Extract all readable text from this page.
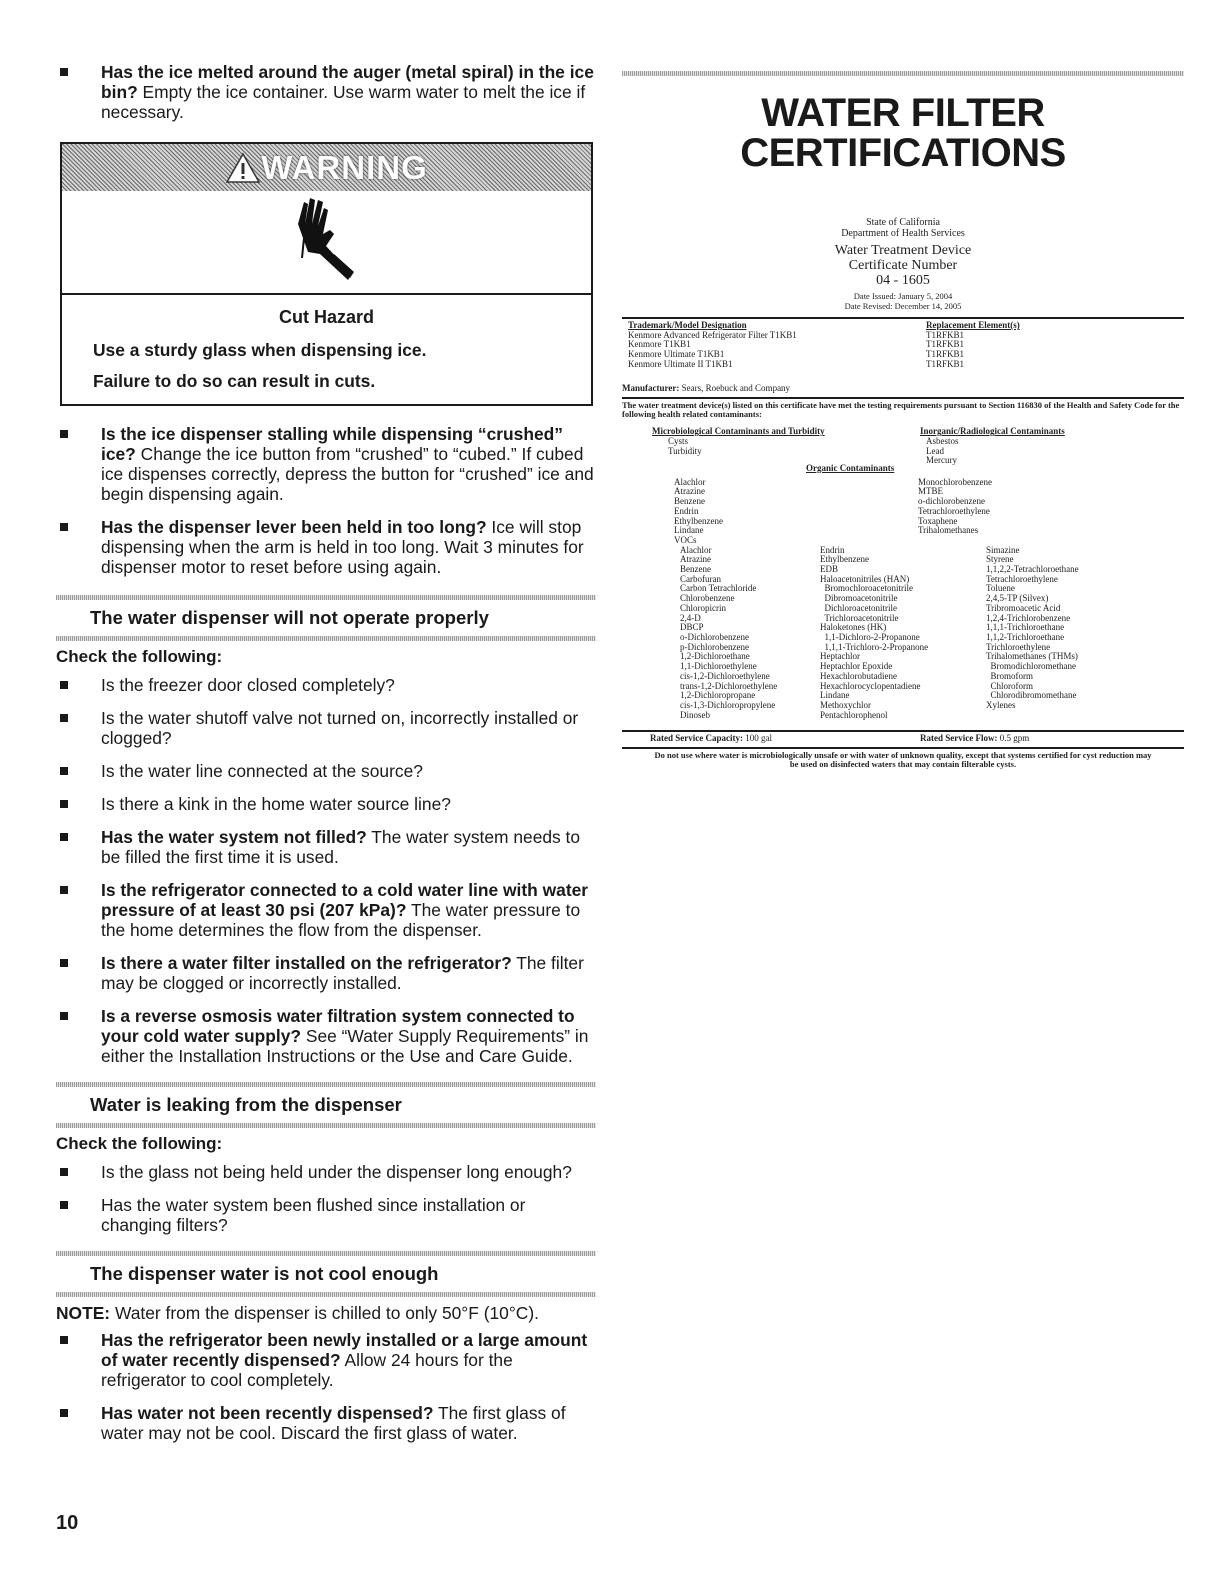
Has the ice melted around the auger (metal spiral) in the ice bin? Empty the ice container. Use warm water to melt the ice if necessary.
WARNING
Cut Hazard
Use a sturdy glass when dispensing ice.
Failure to do so can result in cuts.
Is the ice dispenser stalling while dispensing “crushed” ice? Change the ice button from “crushed” to “cubed.” If cubed ice dispenses correctly, depress the button for “crushed” ice and begin dispensing again.
Has the dispenser lever been held in too long? Ice will stop dispensing when the arm is held in too long. Wait 3 minutes for dispenser motor to reset before using again.
The water dispenser will not operate properly
Check the following:
Is the freezer door closed completely?
Is the water shutoff valve not turned on, incorrectly installed or clogged?
Is the water line connected at the source?
Is there a kink in the home water source line?
Has the water system not filled? The water system needs to be filled the first time it is used.
Is the refrigerator connected to a cold water line with water pressure of at least 30 psi (207 kPa)? The water pressure to the home determines the flow from the dispenser.
Is there a water filter installed on the refrigerator? The filter may be clogged or incorrectly installed.
Is a reverse osmosis water filtration system connected to your cold water supply? See “Water Supply Requirements” in either the Installation Instructions or the Use and Care Guide.
Water is leaking from the dispenser
Check the following:
Is the glass not being held under the dispenser long enough?
Has the water system been flushed since installation or changing filters?
The dispenser water is not cool enough
NOTE: Water from the dispenser is chilled to only 50°F (10°C).
Has the refrigerator been newly installed or a large amount of water recently dispensed? Allow 24 hours for the refrigerator to cool completely.
Has water not been recently dispensed? The first glass of water may not be cool. Discard the first glass of water.
10
WATER FILTER
CERTIFICATIONS
State of California
Department of Health Services
Water Treatment Device
Certificate Number
04 - 1605
Date Issued: January 5, 2004
Date Revised: December 14, 2005
Trademark/Model Designation
Kenmore Advanced Refrigerator Filter T1KB1
Kenmore T1KB1
Kenmore Ultimate T1KB1
Kenmore Ultimate II T1KB1
Replacement Element(s)
T1RFKB1
T1RFKB1
T1RFKB1
T1RFKB1
Manufacturer: Sears, Roebuck and Company
The water treatment device(s) listed on this certificate have met the testing requirements pursuant to Section 116830 of the Health and Safety Code for the following health related contaminants:
Microbiological Contaminants and Turbidity
Cysts
Turbidity
Inorganic/Radiological Contaminants
Asbestos
Lead
Mercury
Organic Contaminants
Alachlor
Atrazine
Benzene
Endrin
Ethylbenzene
Lindane
VOCs
Monochlorobenzene
MTBE
o-dichlorobenzene
Tetrachloroethylene
Toxaphene
Trihalomethanes
Alachlor
Atrazine
Benzene
Carbofuran
Carbon Tetrachloride
Chlorobenzene
Chloropicrin
2,4-D
DBCP
o-Dichlorobenzene
p-Dichlorobenzene
1,2-Dichloroethane
1,1-Dichloroethylene
cis-1,2-Dichloroethylene
trans-1,2-Dichloroethylene
1,2-Dichloropropane
cis-1,3-Dichloropropylene
Dinoseb
Endrin
Ethylbenzene
EDB
Haloacetonitriles (HAN)
Bromochloroacetonitrile
Dibromoacetonitrile
Dichloroacetonitrile
Trichloroacetonitrile
Haloketones (HK)
1,1-Dichloro-2-Propanone
1,1,1-Trichloro-2-Propanone
Heptachlor
Heptachlor Epoxide
Hexachlorobutadiene
Hexachlorocyclopentadiene
Lindane
Methoxychlor
Pentachlorophenol
Simazine
Styrene
1,1,2,2-Tetrachloroethane
Tetrachloroethylene
Toluene
2,4,5-TP (Silvex)
Tribromoacetic Acid
1,2,4-Trichlorobenzene
1,1,1-Trichloroethane
1,1,2-Trichloroethane
Trichloroethylene
Trihalomethanes (THMs)
Bromodichloromethane
Bromoform
Chloroform
Chlorodibromomethane
Xylenes
Rated Service Capacity: 100 gal	Rated Service Flow: 0.5 gpm
Do not use where water is microbiologically unsafe or with water of unknown quality, except that systems certified for cyst reduction may be used on disinfected waters that may contain filterable cysts.
